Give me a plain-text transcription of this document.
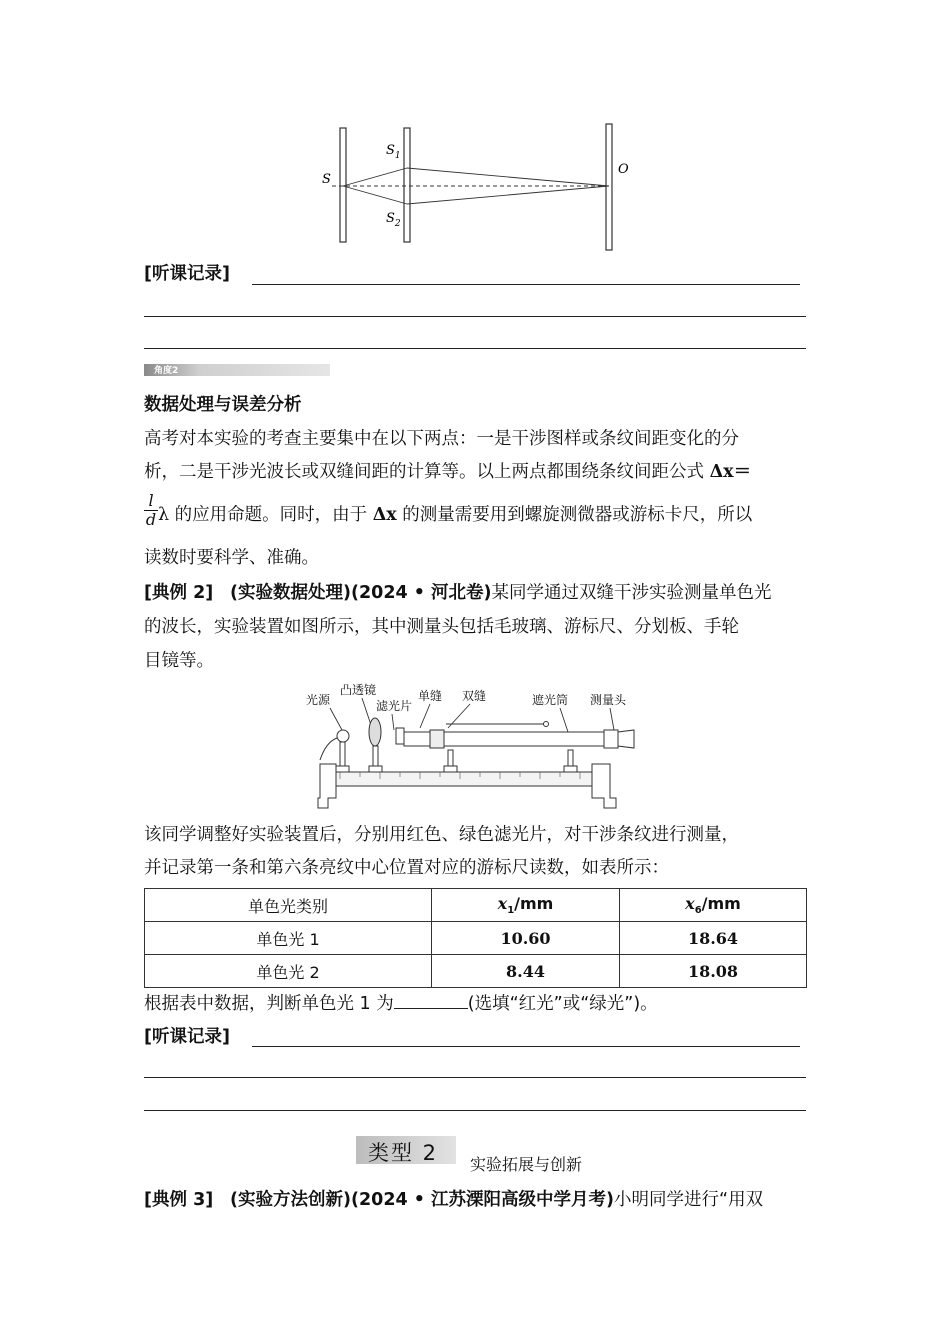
S
$S_1$
$S_2$
O
[听课记录]
角度2
数据处理与误差分析
高考对本实验的考查主要集中在以下两点：一是干涉图样或条纹间距变化的分
析，二是干涉光波长或双缝间距的计算等。以上两点都围绕条纹间距公式 Δx＝
$\frac{l}{d}$ λ 的应用命题。同时，由于 Δx 的测量需要用到螺旋测微器或游标卡尺，所以
读数时要科学、准确。
[典例 2] (实验数据处理)(2024 • 河北卷)某同学通过双缝干涉实验测量单色光
的波长，实验装置如图所示，其中测量头包括毛玻璃、游标尺、分划板、手轮
目镜等。
光源
凸透镜
滤光片
单缝 双缝	遮光筒 测量头
该同学调整好实验装置后，分别用红色、绿色滤光片，对干涉条纹进行测量，
并记录第一条和第六条亮纹中心位置对应的游标尺读数，如表所示：
单色光类别	$x_1/mm$	$x_6/mm$
单色光 1	10.60	18.64
单色光 2	8.44	18.08
根据表中数据，判断单色光 1 为	(选填“红光”或“绿光”)。
[听课记录]
类型 2 实验拓展与创新
[典例 3] (实验方法创新)(2024 • 江苏溧阳高级中学月考)小明同学进行“用双
